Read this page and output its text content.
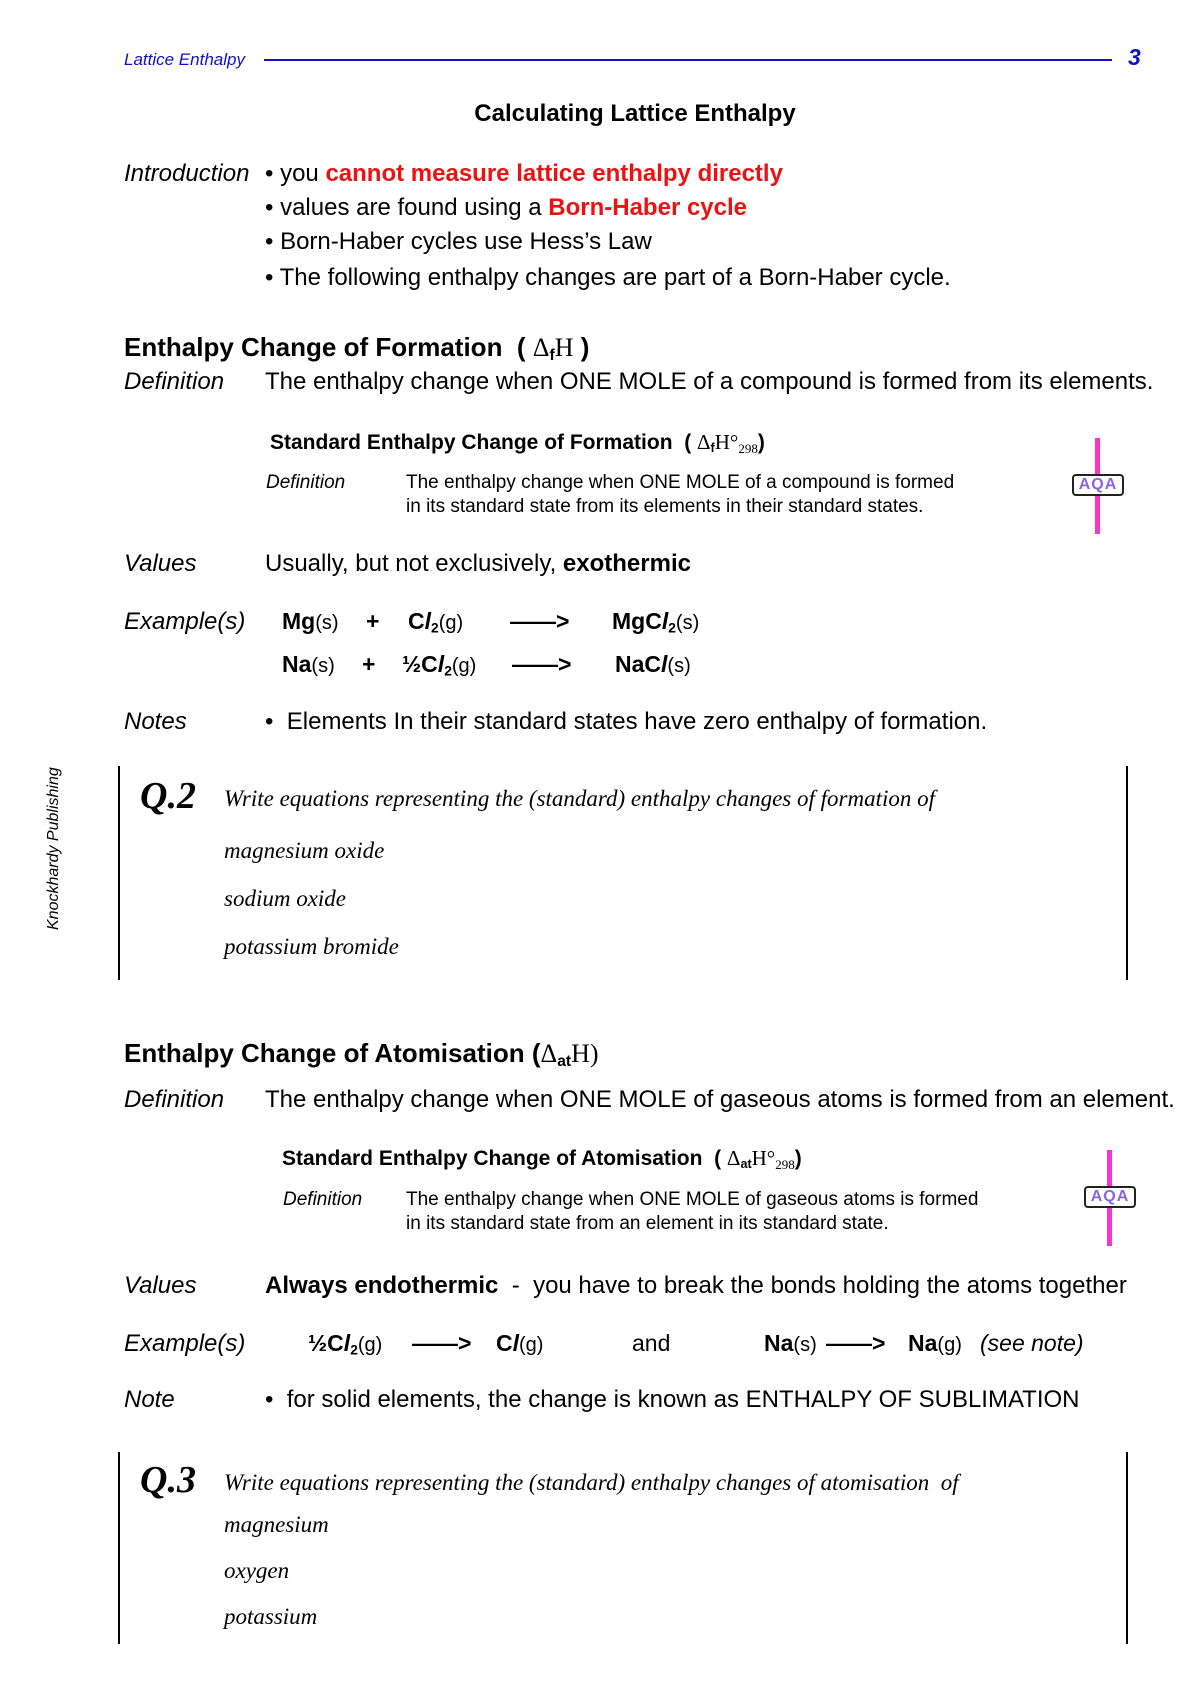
Lattice Enthalpy	3
Knockhardy Publishing
Calculating Lattice Enthalpy
Introduction • you cannot measure lattice enthalpy directly
• values are found using a Born-Haber cycle
• Born-Haber cycles use Hess’s Law
• The following enthalpy changes are part of a Born-Haber cycle.
Enthalpy Change of Formation ( $\Delta_fH$ )
Definition The enthalpy change when ONE MOLE of a compound is formed from its elements.
Standard Enthalpy Change of Formation ( $\Delta_fH^\circ 298$)
Definition	The enthalpy change when ONE MOLE of a compound is formed
in its standard state from its elements in their standard states.
AQA
Values	Usually, but not exclusively, exothermic
Example(s) $Mg(s) + Cl_2(g)$ ——> MgCl$_2$(s)
$Na(s) + \frac{1}{2}Cl_2(g)$ ——> NaCl(s)
Notes	•  Elements In their standard states have zero enthalpy of formation.
Q.2 Write equations representing the (standard) enthalpy changes of formation of
magnesium oxide
sodium oxide
potassium bromide
Enthalpy Change of Atomisation $(\Delta_{at}H)$
Definition The enthalpy change when ONE MOLE of gaseous atoms is formed from an element.
Standard Enthalpy Change of Atomisation ( $\Delta_{at}H^\circ 298$)
Definition The enthalpy change when ONE MOLE of gaseous atoms is formed
in its standard state from an element in its standard state.
AQA
Values	Always endothermic  -  you have to break the bonds holding the atoms together
Example(s)	$\frac{1}{2}Cl_2(g)$ ——> Cl(g)	and	Na(s) ——> Na(g) (see note)
Note	•  for solid elements, the change is known as ENTHALPY OF SUBLIMATION
Q.3 Write equations representing the (standard) enthalpy changes of atomisation  of
magnesium
oxygen
potassium
